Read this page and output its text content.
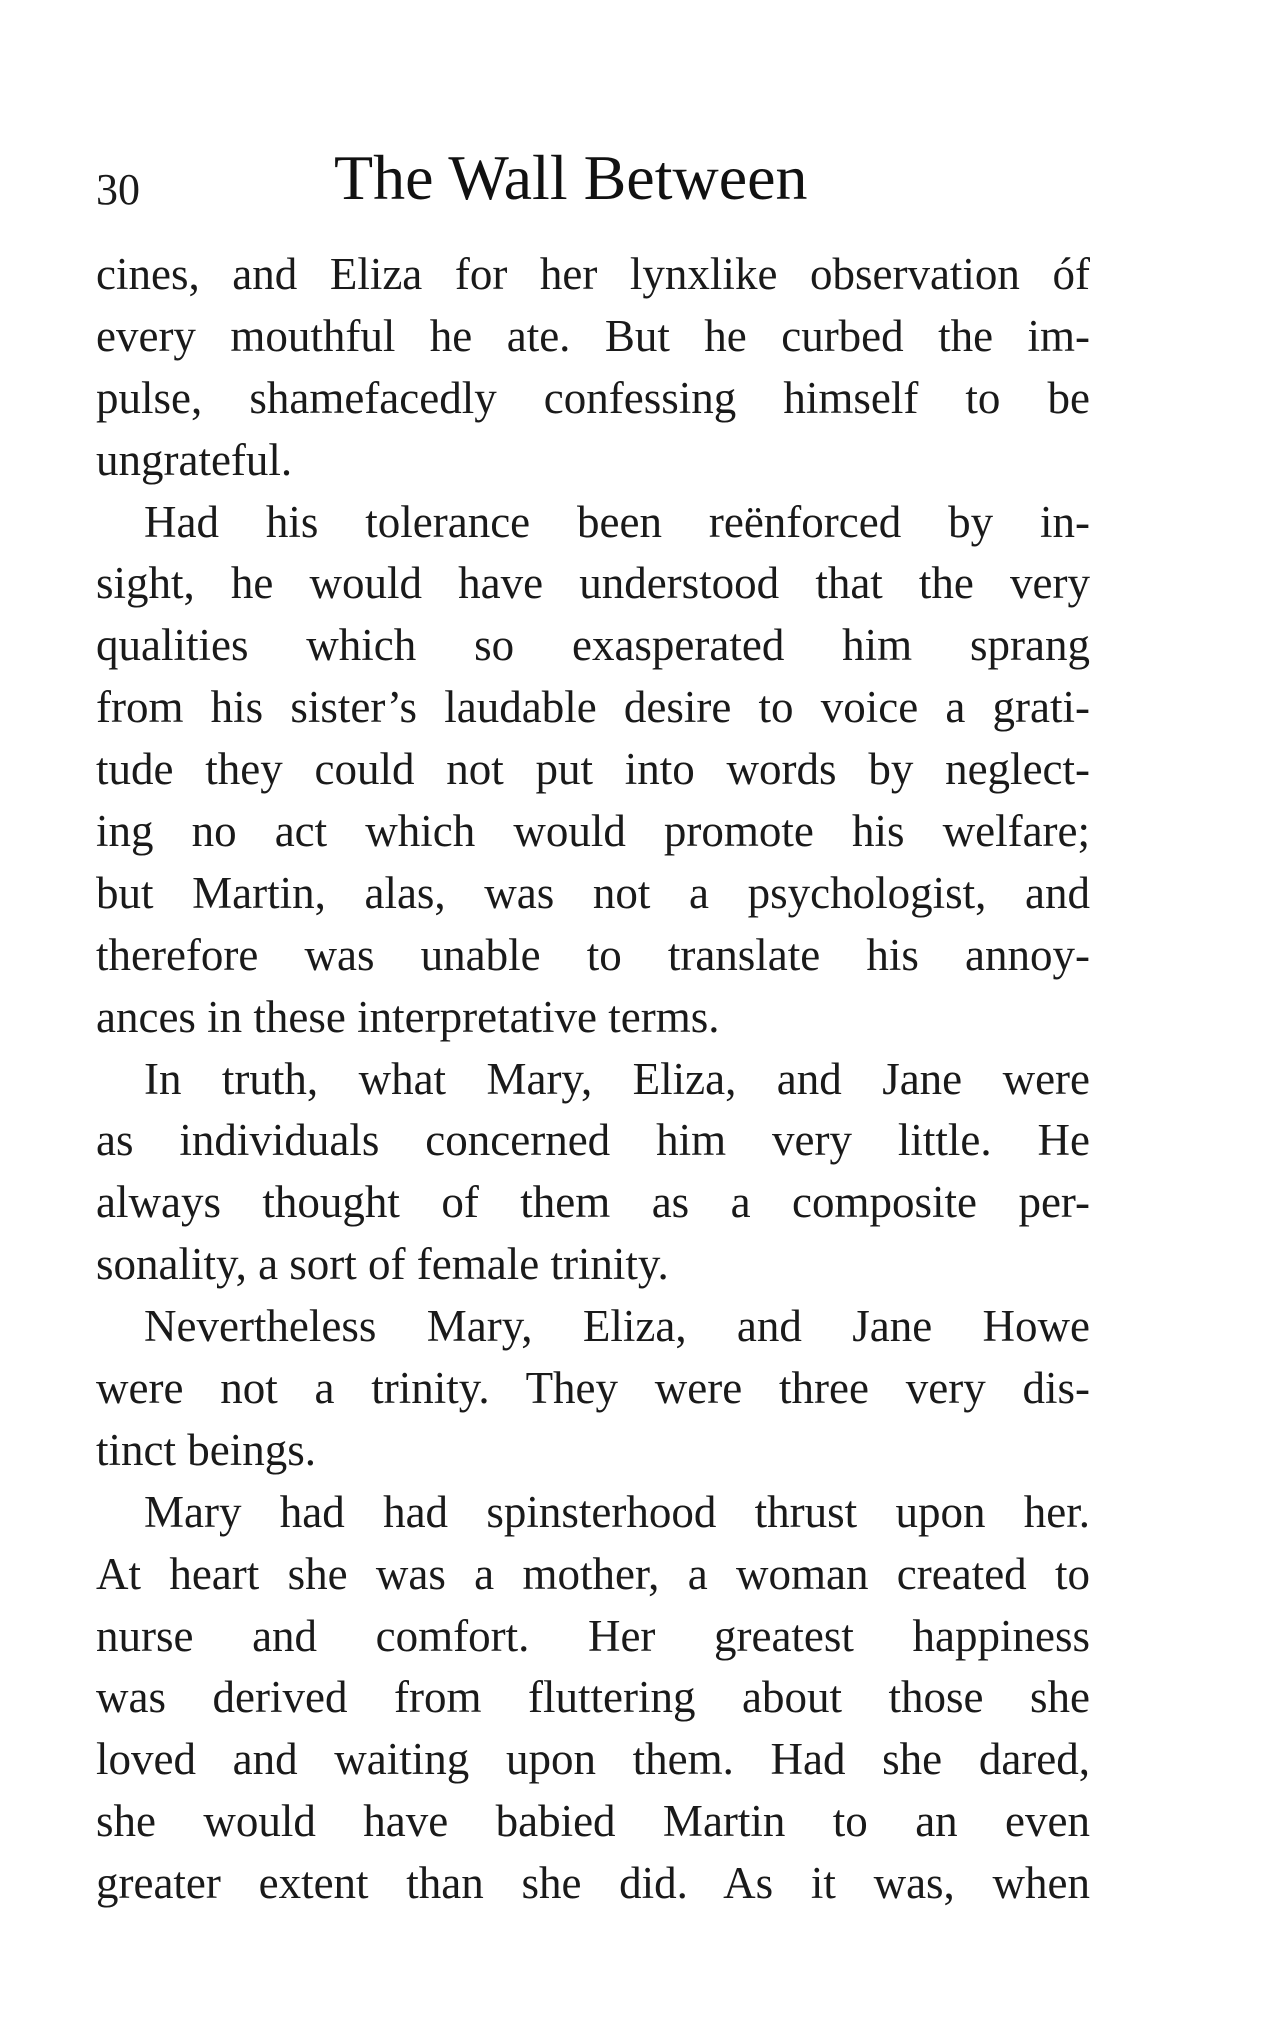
30	The Wall Between
cines, and Eliza for her lynxlike observation óf
every mouthful he ate. But he curbed the im-
pulse, shamefacedly confessing himself to be
ungrateful.
Had his tolerance been reënforced by in-
sight, he would have understood that the very
qualities which so exasperated him sprang
from his sister’s laudable desire to voice a grati-
tude they could not put into words by neglect-
ing no act which would promote his welfare;
but Martin, alas, was not a psychologist, and
therefore was unable to translate his annoy-
ances in these interpretative terms.
In truth, what Mary, Eliza, and Jane were
as individuals concerned him very little. He
always thought of them as a composite per-
sonality, a sort of female trinity.
Nevertheless Mary, Eliza, and Jane Howe
were not a trinity. They were three very dis-
tinct beings.
Mary had had spinsterhood thrust upon her.
At heart she was a mother, a woman created to
nurse and comfort. Her greatest happiness
was derived from fluttering about those she
loved and waiting upon them. Had she dared,
she would have babied Martin to an even
greater extent than she did. As it was, when
